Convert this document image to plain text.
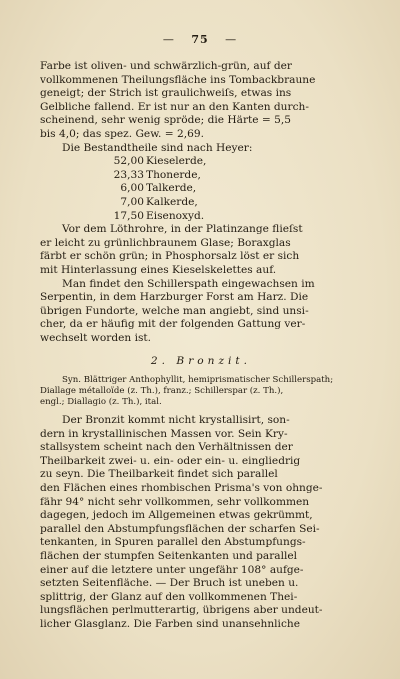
— 75 —

Farbe ist oliven- und schwärzlich-grün, auf der
vollkommenen Theilungsfläche ins Tombackbraune
geneigt; der Strich ist graulichweiſs, etwas ins
Gelbliche fallend. Er ist nur an den Kanten durch-
scheinend, sehr wenig spröde; die Härte = 5,5
bis 4,0; das spez. Gew. = 2,69.

Die Bestandtheile sind nach Heyer:

52,00 Kieselerde,
23,33 Thonerde,
6,00 Talkerde,
7,00 Kalkerde,
17,50 Eisenoxyd.

Vor dem Löthrohre, in der Platinzange flieſst
er leicht zu grünlichbraunem Glase; Boraxglas
färbt er schön grün; in Phosphorsalz löst er sich
mit Hinterlassung eines Kieselskelettes auf.

Man findet den Schillerspath eingewachsen im
Serpentin, in dem Harzburger Forst am Harz. Die
übrigen Fundorte, welche man angiebt, sind unsi-
cher, da er häufig mit der folgenden Gattung ver-
wechselt worden ist.

2. Bronzit.
Syn. Blättriger Anthophyllit, hemiprismatischer Schillerspath;
Diallage métalloïde (z. Th.), franz.; Schillerspar (z. Th.),
engl.; Diallagio (z. Th.), ital.

Der Bronzit kommt nicht krystallisirt, son-
dern in krystallinischen Massen vor. Sein Kry-
stallsystem scheint nach den Verhältnissen der
Theilbarkeit zwei- u. ein- oder ein- u. eingliedrig
zu seyn. Die Theilbarkeit findet sich parallel
den Flächen eines rhombischen Prisma's von ohnge-
fähr 94° nicht sehr vollkommen, sehr vollkommen
dagegen, jedoch im Allgemeinen etwas gekrümmt,
parallel den Abstumpfungsflächen der scharfen Sei-
tenkanten, in Spuren parallel den Abstumpfungs-
flächen der stumpfen Seitenkanten und parallel
einer auf die letztere unter ungefähr 108° aufge-
setzten Seitenfläche. — Der Bruch ist uneben u.
splittrig, der Glanz auf den vollkommenen Thei-
lungsflächen perlmutterartig, übrigens aber undeut-
licher Glasglanz. Die Farben sind unansehnliche
